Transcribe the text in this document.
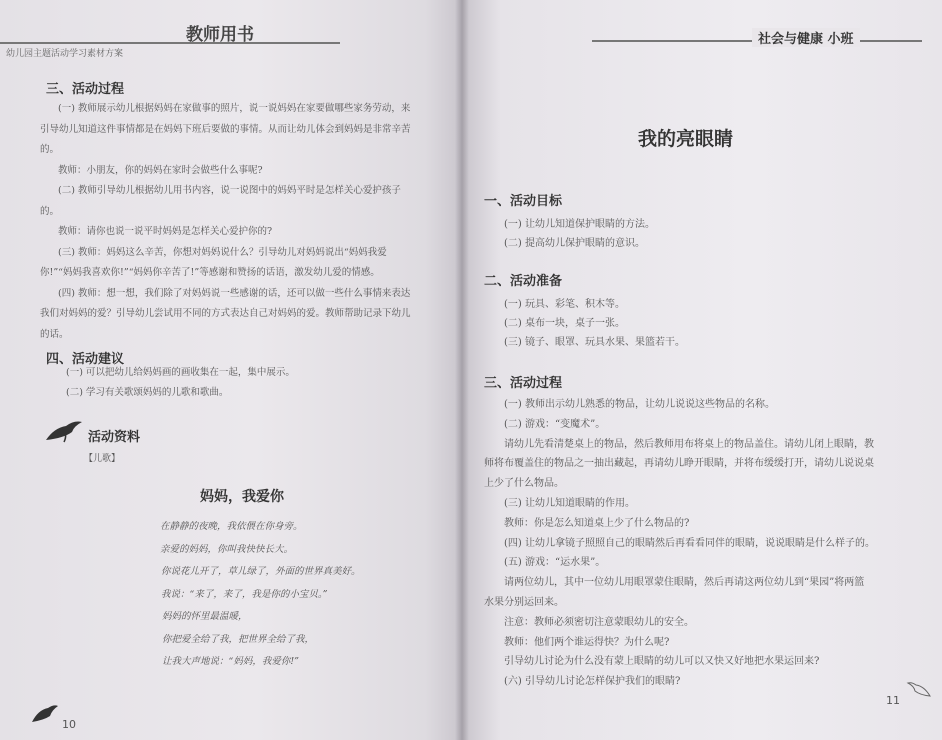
幼儿园主题活动学习素材方案
教师用书
三、活动过程
(一) 教师展示幼儿根据妈妈在家做事的照片，说一说妈妈在家要做哪些家务劳动，来
引导幼儿知道这件事情都是在妈妈下班后要做的事情。从而让幼儿体会到妈妈是非常辛苦
的。
教师：小朋友，你的妈妈在家时会做些什么事呢?
(二) 教师引导幼儿根据幼儿用书内容，说一说图中的妈妈平时是怎样关心爱护孩子
的。
教师：请你也说一说平时妈妈是怎样关心爱护你的?
(三) 教师：妈妈这么辛苦，你想对妈妈说什么？引导幼儿对妈妈说出“妈妈我爱
你!”“妈妈我喜欢你!”“妈妈你辛苦了!”等感谢和赞扬的话语，激发幼儿爱的情感。
(四) 教师：想一想，我们除了对妈妈说一些感谢的话，还可以做一些什么事情来表达
我们对妈妈的爱？引导幼儿尝试用不同的方式表达自己对妈妈的爱。教师帮助记录下幼儿
的话。
四、活动建议
(一) 可以把幼儿给妈妈画的画收集在一起，集中展示。
(二) 学习有关歌颂妈妈的儿歌和歌曲。
活动资料
【儿歌】
妈妈，我爱你
在静静的夜晚，我依偎在你身旁。
亲爱的妈妈，你叫我快快长大。
你说花儿开了，草儿绿了，外面的世界真美好。
我说：“来了，来了，我是你的小宝贝。”
妈妈的怀里最温暖，
你把爱全给了我，把世界全给了我，
让我大声地说：“妈妈，我爱你!”
10
社会与健康 小班
我的亮眼睛
一、活动目标
(一) 让幼儿知道保护眼睛的方法。
(二) 提高幼儿保护眼睛的意识。
二、活动准备
(一) 玩具、彩笔、积木等。
(二) 桌布一块，桌子一张。
(三) 镜子、眼罩、玩具水果、果篮若干。
三、活动过程
(一) 教师出示幼儿熟悉的物品，让幼儿说说这些物品的名称。
(二) 游戏：“变魔术”。
请幼儿先看清楚桌上的物品，然后教师用布将桌上的物品盖住。请幼儿闭上眼睛，教
师将布覆盖住的物品之一抽出藏起，再请幼儿睁开眼睛，并将布缓缓打开，请幼儿说说桌
上少了什么物品。
(三) 让幼儿知道眼睛的作用。
教师：你是怎么知道桌上少了什么物品的?
(四) 让幼儿拿镜子照照自己的眼睛然后再看看同伴的眼睛，说说眼睛是什么样子的。
(五) 游戏：“运水果”。
请两位幼儿，其中一位幼儿用眼罩蒙住眼睛，然后再请这两位幼儿到“果园”将两篮
水果分别运回来。
注意：教师必须密切注意蒙眼幼儿的安全。
教师：他们两个谁运得快？为什么呢?
引导幼儿讨论为什么没有蒙上眼睛的幼儿可以又快又好地把水果运回来?
(六) 引导幼儿讨论怎样保护我们的眼睛?
11
